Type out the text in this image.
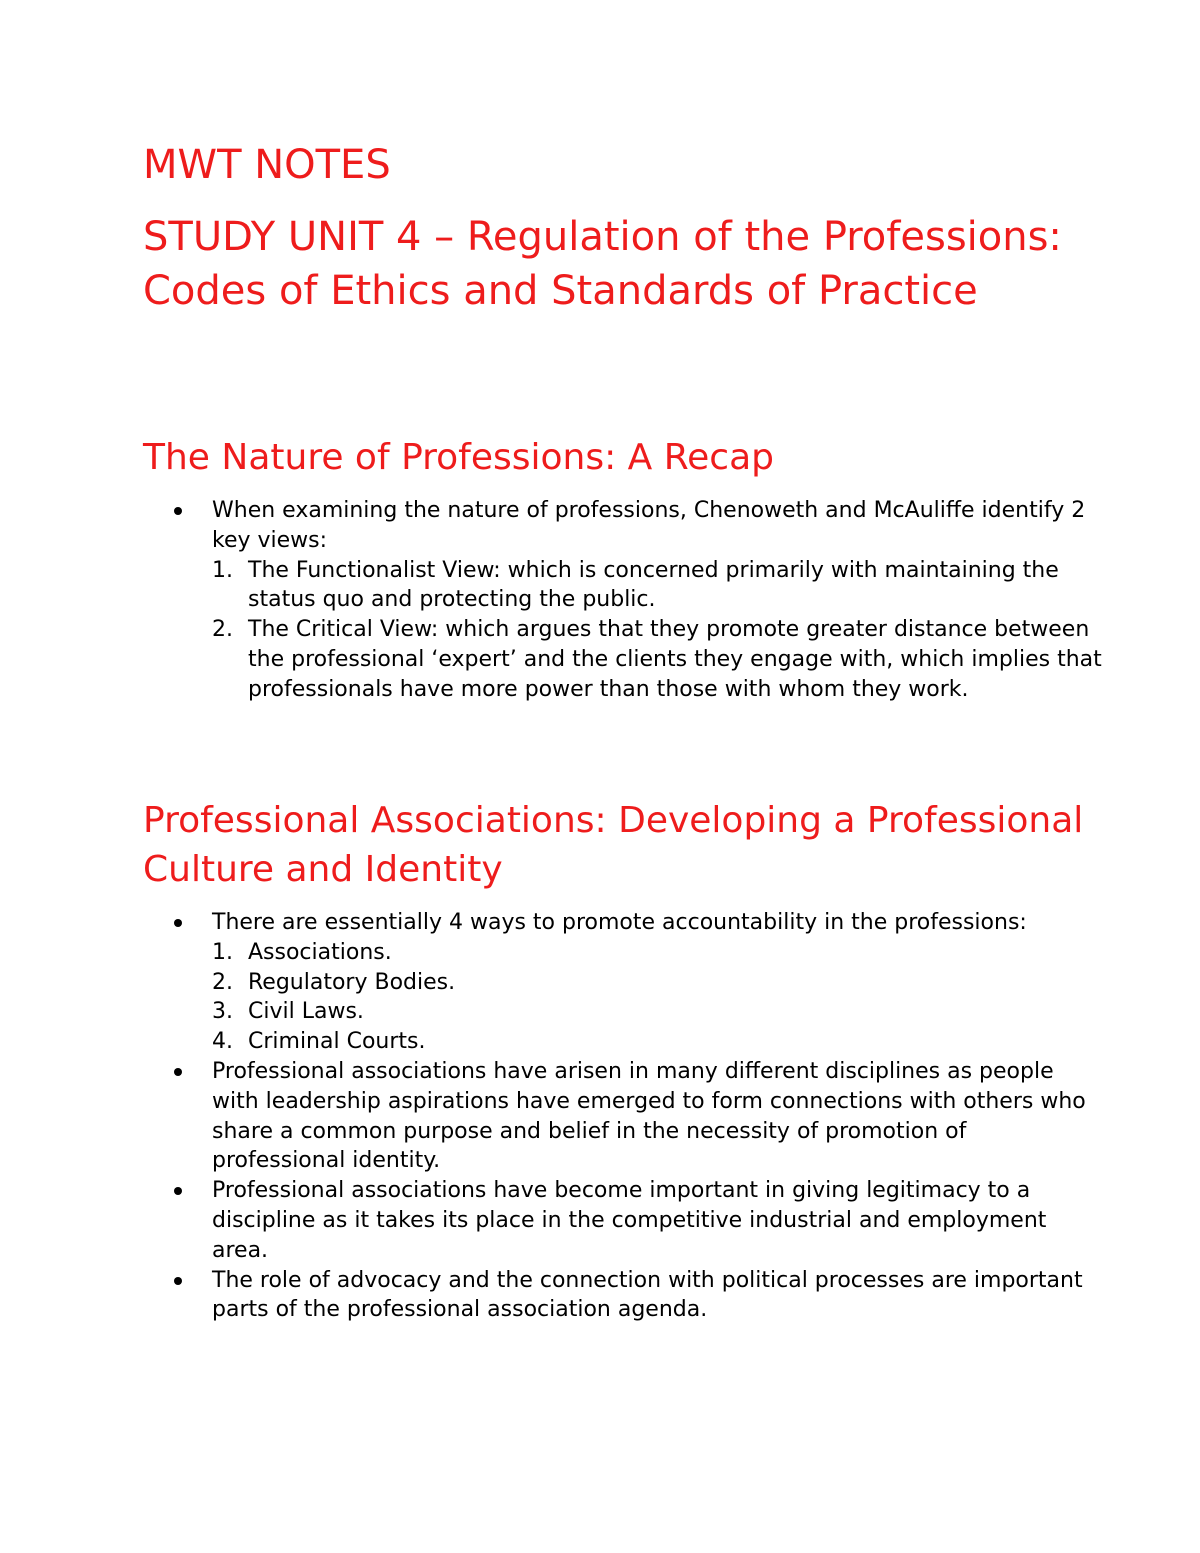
MWT NOTES
STUDY UNIT 4 – Regulation of the Professions: Codes of Ethics and Standards of Practice
The Nature of Professions: A Recap
When examining the nature of professions, Chenoweth and McAuliffe identify 2 key views:
1. The Functionalist View: which is concerned primarily with maintaining the status quo and protecting the public.
2. The Critical View: which argues that they promote greater distance between the professional ‘expert’ and the clients they engage with, which implies that professionals have more power than those with whom they work.
Professional Associations: Developing a Professional Culture and Identity
There are essentially 4 ways to promote accountability in the professions:
1. Associations.
2. Regulatory Bodies.
3. Civil Laws.
4. Criminal Courts.
Professional associations have arisen in many different disciplines as people with leadership aspirations have emerged to form connections with others who share a common purpose and belief in the necessity of promotion of professional identity.
Professional associations have become important in giving legitimacy to a discipline as it takes its place in the competitive industrial and employment area.
The role of advocacy and the connection with political processes are important parts of the professional association agenda.
